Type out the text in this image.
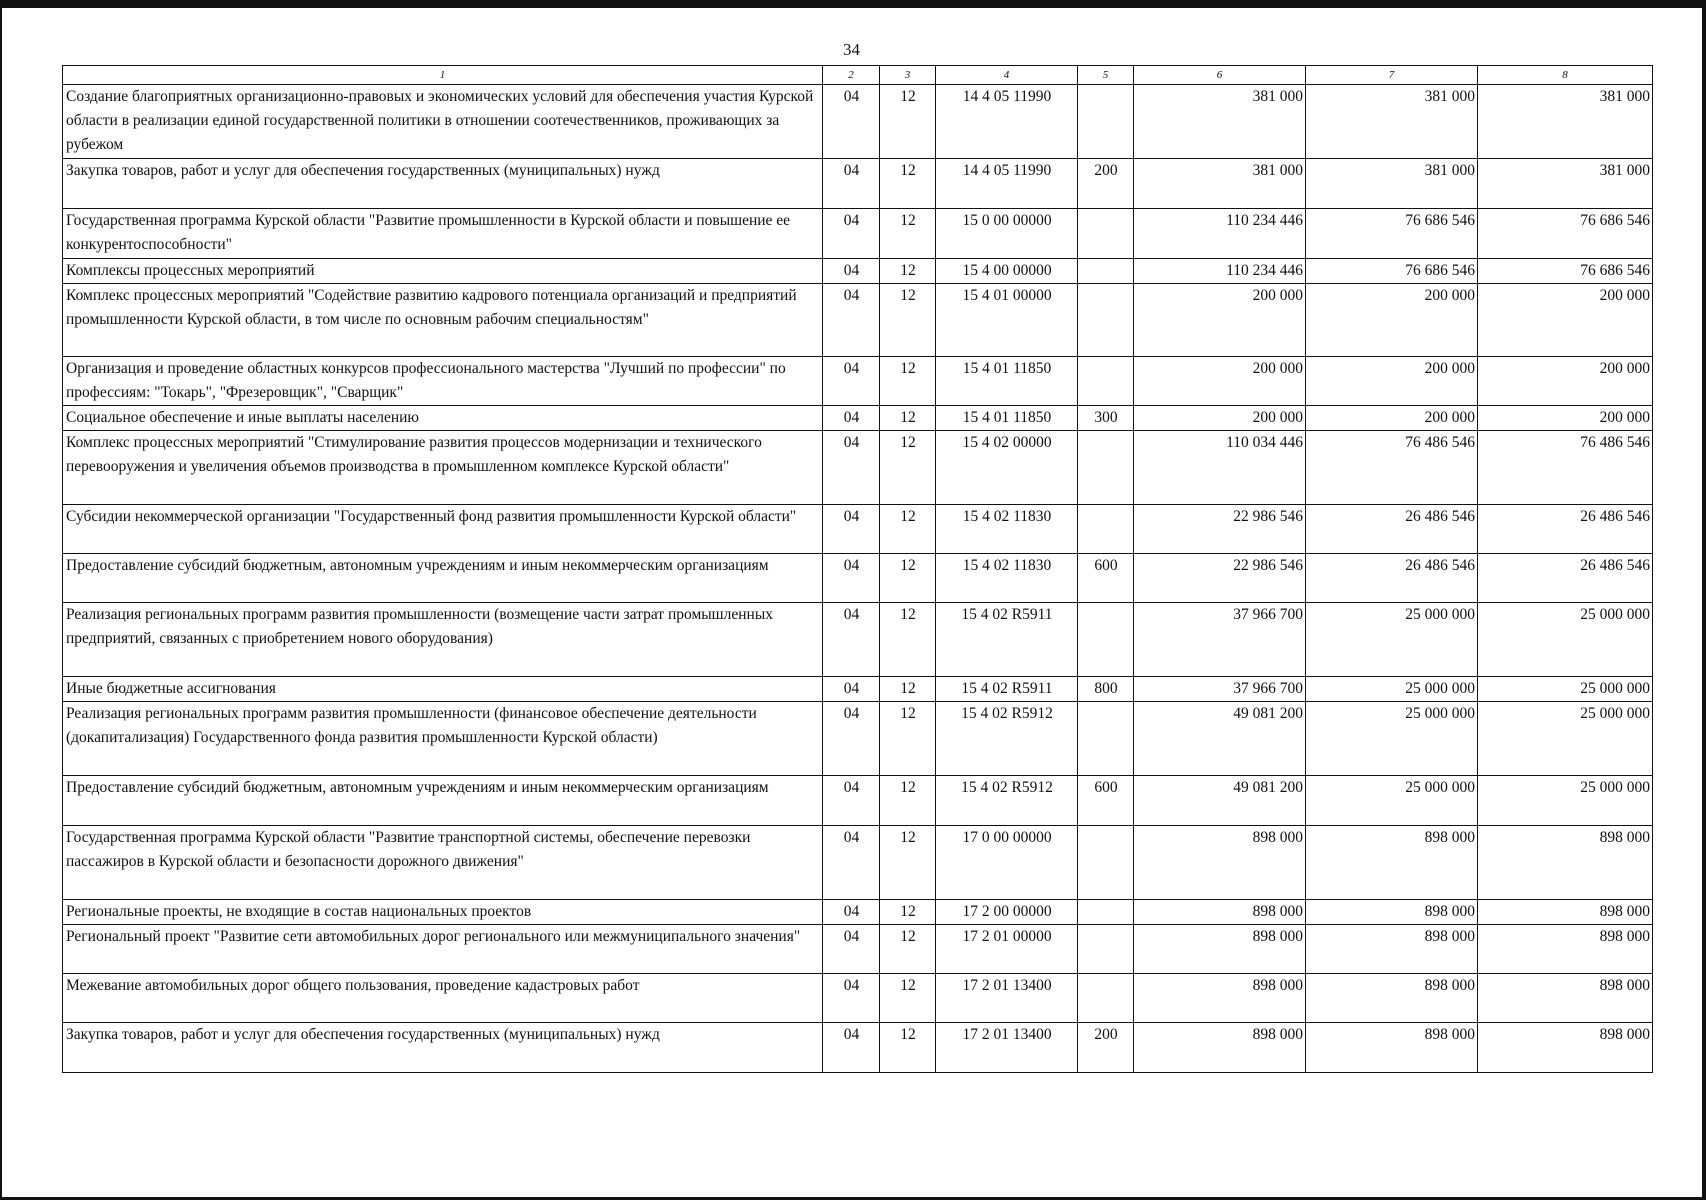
34
1	2	3	4	5	6	7	8
Создание благоприятных организационно-правовых и экономических условий для обеспечения участия Курской области в реализации единой государственной политики в отношении соотечественников, проживающих за рубежом	04	12	14 4 05 11990		381 000	381 000	381 000
Закупка товаров, работ и услуг для обеспечения государственных (муниципальных) нужд	04	12	14 4 05 11990	200	381 000	381 000	381 000
Государственная программа Курской области "Развитие промышленности в Курской области и повышение ее конкурентоспособности"	04	12	15 0 00 00000		110 234 446	76 686 546	76 686 546
Комплексы процессных мероприятий	04	12	15 4 00 00000		110 234 446	76 686 546	76 686 546
Комплекс процессных мероприятий "Содействие развитию кадрового потенциала организаций и предприятий промышленности Курской области, в том числе по основным рабочим специальностям"	04	12	15 4 01 00000		200 000	200 000	200 000
Организация и проведение областных конкурсов профессионального мастерства "Лучший по профессии" по профессиям: "Токарь", "Фрезеровщик", "Сварщик"	04	12	15 4 01 11850		200 000	200 000	200 000
Социальное обеспечение и иные выплаты населению	04	12	15 4 01 11850	300	200 000	200 000	200 000
Комплекс процессных мероприятий "Стимулирование развития процессов модернизации и технического перевооружения и увеличения объемов производства в промышленном комплексе Курской области"	04	12	15 4 02 00000		110 034 446	76 486 546	76 486 546
Субсидии некоммерческой организации "Государственный фонд развития промышленности Курской области"	04	12	15 4 02 11830		22 986 546	26 486 546	26 486 546
Предоставление субсидий бюджетным, автономным учреждениям и иным некоммерческим организациям	04	12	15 4 02 11830	600	22 986 546	26 486 546	26 486 546
Реализация региональных программ развития промышленности (возмещение части затрат промышленных предприятий, связанных с приобретением нового оборудования)	04	12	15 4 02 R5911		37 966 700	25 000 000	25 000 000
Иные бюджетные ассигнования	04	12	15 4 02 R5911	800	37 966 700	25 000 000	25 000 000
Реализация региональных программ развития промышленности (финансовое обеспечение деятельности (докапитализация) Государственного фонда развития промышленности Курской области)	04	12	15 4 02 R5912		49 081 200	25 000 000	25 000 000
Предоставление субсидий бюджетным, автономным учреждениям и иным некоммерческим организациям	04	12	15 4 02 R5912	600	49 081 200	25 000 000	25 000 000
Государственная программа Курской области "Развитие транспортной системы, обеспечение перевозки пассажиров в Курской области и безопасности дорожного движения"	04	12	17 0 00 00000		898 000	898 000	898 000
Региональные проекты, не входящие в состав национальных проектов	04	12	17 2 00 00000		898 000	898 000	898 000
Региональный проект "Развитие сети автомобильных дорог регионального или межмуниципального значения"	04	12	17 2 01 00000		898 000	898 000	898 000
Межевание автомобильных дорог общего пользования, проведение кадастровых работ	04	12	17 2 01 13400		898 000	898 000	898 000
Закупка товаров, работ и услуг для обеспечения государственных (муниципальных) нужд	04	12	17 2 01 13400	200	898 000	898 000	898 000
